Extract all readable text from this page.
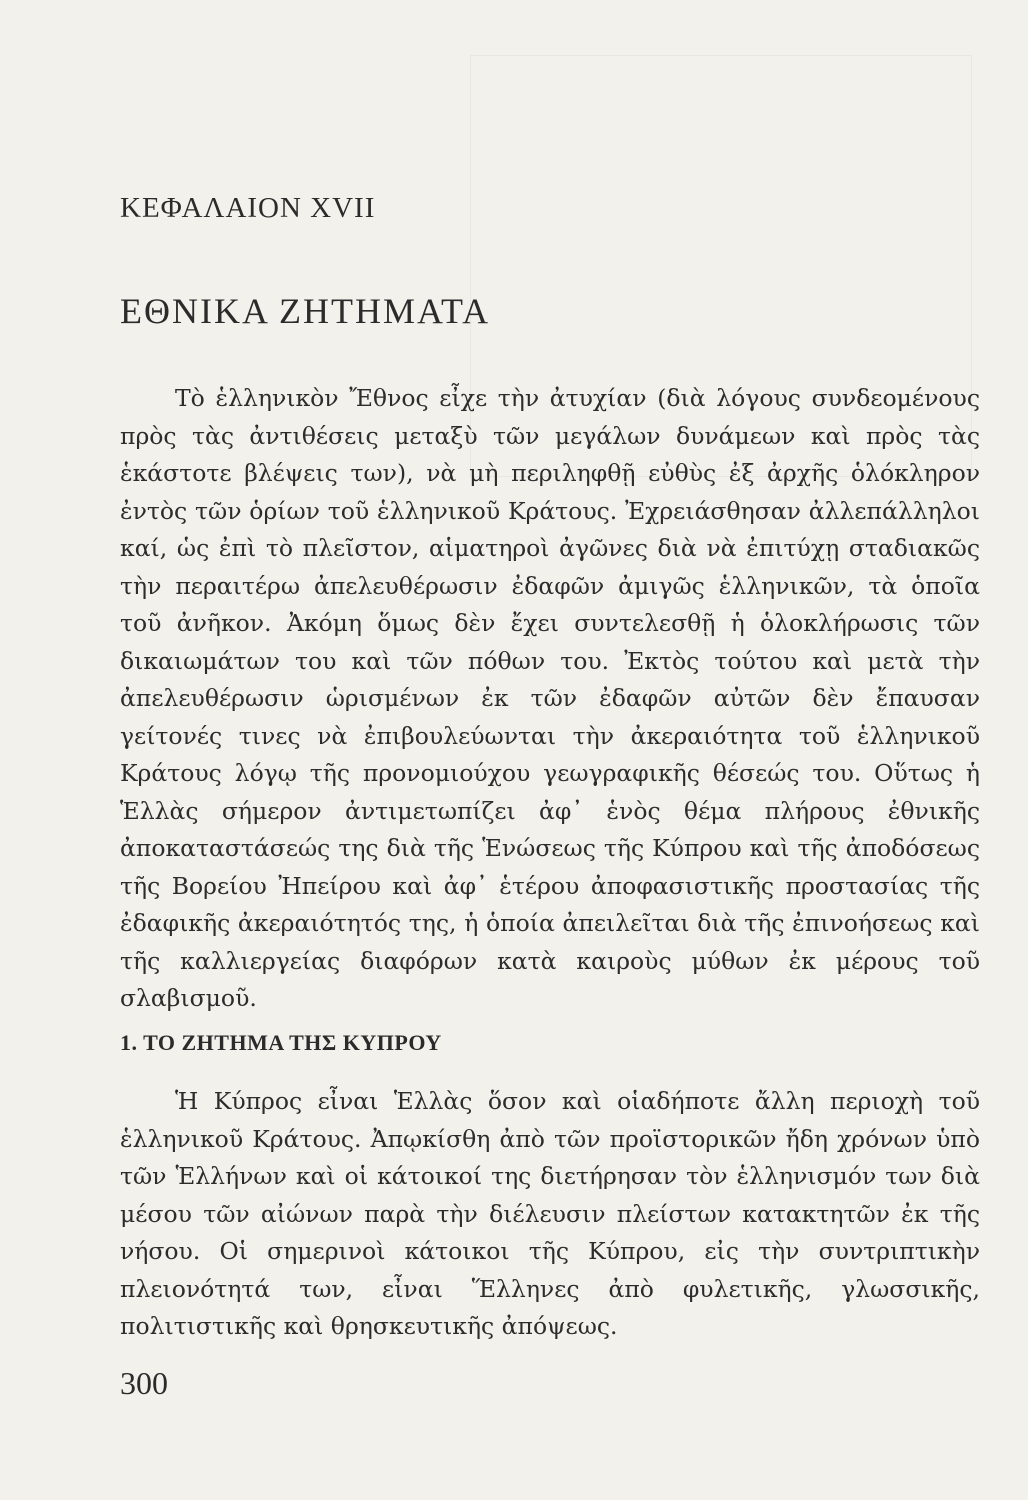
ΚΕΦΑΛΑΙΟΝ XVII
ΕΘΝΙΚΑ ΖΗΤΗΜΑΤΑ

Τὸ ἑλληνικὸν Ἔθνος εἶχε τὴν ἀτυχίαν (διὰ λόγους συνδεομένους πρὸς τὰς ἀντιθέσεις μεταξὺ τῶν μεγάλων δυνάμεων καὶ πρὸς τὰς ἑκάστοτε βλέψεις των), νὰ μὴ περιληφθῇ εὐθὺς ἐξ ἀρχῆς ὁλόκληρον ἐντὸς τῶν ὁρίων τοῦ ἑλληνικοῦ Κράτους. Ἐχρειάσθησαν ἀλλεπάλληλοι καί, ὡς ἐπὶ τὸ πλεῖστον, αἱματηροὶ ἀγῶνες διὰ νὰ ἐπιτύχῃ σταδιακῶς τὴν περαιτέρω ἀπελευθέρωσιν ἐδαφῶν ἀμιγῶς ἑλληνικῶν, τὰ ὁποῖα τοῦ ἀνῆκον. Ἀκόμη ὅμως δὲν ἔχει συντελεσθῇ ἡ ὁλοκλήρωσις τῶν δικαιωμάτων του καὶ τῶν πόθων του. Ἐκτὸς τούτου καὶ μετὰ τὴν ἀπελευθέρωσιν ὡρισμένων ἐκ τῶν ἐδαφῶν αὐτῶν δὲν ἔπαυσαν γείτονές τινες νὰ ἐπιβουλεύωνται τὴν ἀκεραιότητα τοῦ ἑλληνικοῦ Κράτους λόγῳ τῆς προνομιούχου γεωγραφικῆς θέσεώς του. Οὕτως ἡ Ἑλλὰς σήμερον ἀντιμετωπίζει ἀφ᾽ ἑνὸς θέμα πλήρους ἐθνικῆς ἀποκαταστάσεώς της διὰ τῆς Ἑνώσεως τῆς Κύπρου καὶ τῆς ἀποδόσεως τῆς Βορείου Ἠπείρου καὶ ἀφ᾽ ἑτέρου ἀποφασιστικῆς προστασίας τῆς ἐδαφικῆς ἀκεραιότητός της, ἡ ὁποία ἀπειλεῖται διὰ τῆς ἐπινοήσεως καὶ τῆς καλλιεργείας διαφόρων κατὰ καιροὺς μύθων ἐκ μέρους τοῦ σλαβισμοῦ.

1. ΤΟ ΖΗΤΗΜΑ ΤΗΣ ΚΥΠΡΟΥ

Ἡ Κύπρος εἶναι Ἑλλὰς ὅσον καὶ οἱαδήποτε ἄλλη περιοχὴ τοῦ ἑλληνικοῦ Κράτους. Ἀπῳκίσθη ἀπὸ τῶν προϊστορικῶν ἤδη χρόνων ὑπὸ τῶν Ἑλλήνων καὶ οἱ κάτοικοί της διετήρησαν τὸν ἑλληνισμόν των διὰ μέσου τῶν αἰώνων παρὰ τὴν διέλευσιν πλείστων κατακτητῶν ἐκ τῆς νήσου. Οἱ σημερινοὶ κάτοικοι τῆς Κύπρου, εἰς τὴν συντριπτικὴν πλειονότητά των, εἶναι Ἕλληνες ἀπὸ φυλετικῆς, γλωσσικῆς, πολιτιστικῆς καὶ θρησκευτικῆς ἀπόψεως.

300
